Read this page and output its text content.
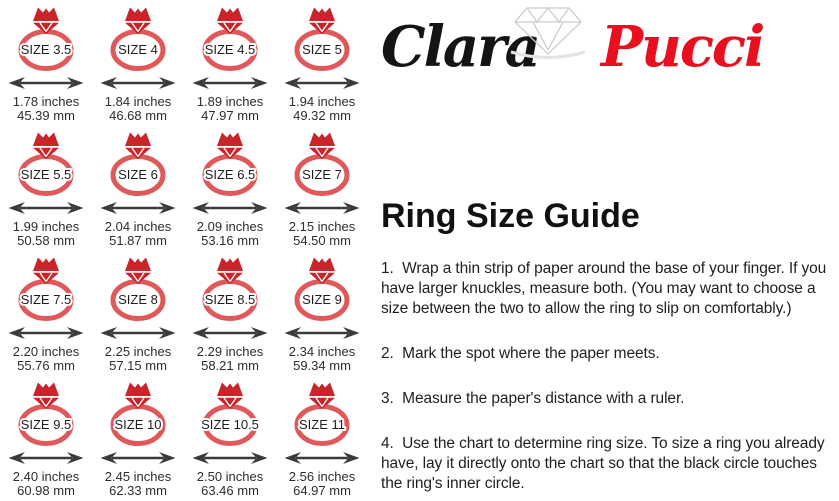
SIZE 3.5
1.78 inches
45.39 mm
SIZE 4
1.84 inches
46.68 mm
SIZE 4.5
1.89 inches
47.97 mm
SIZE 5
1.94 inches
49.32 mm
SIZE 5.5
1.99 inches
50.58 mm
SIZE 6
2.04 inches
51.87 mm
SIZE 6.5
2.09 inches
53.16 mm
SIZE 7
2.15 inches
54.50 mm
SIZE 7.5
2.20 inches
55.76 mm
SIZE 8
2.25 inches
57.15 mm
SIZE 8.5
2.29 inches
58.21 mm
SIZE 9
2.34 inches
59.34 mm
SIZE 9.5
2.40 inches
60.98 mm
SIZE 10
2.45 inches
62.33 mm
SIZE 10.5
2.50 inches
63.46 mm
SIZE 11
2.56 inches
64.97 mm
Clara Pucci
Ring Size Guide

1.  Wrap a thin strip of paper around the base of your finger. If you have larger knuckles, measure both. (You may want to choose a size between the two to allow the ring to slip on comfortably.)

2.  Mark the spot where the paper meets.

3.  Measure the paper's distance with a ruler.

4.  Use the chart to determine ring size. To size a ring you already have, lay it directly onto the chart so that the black circle touches the ring's inner circle.
